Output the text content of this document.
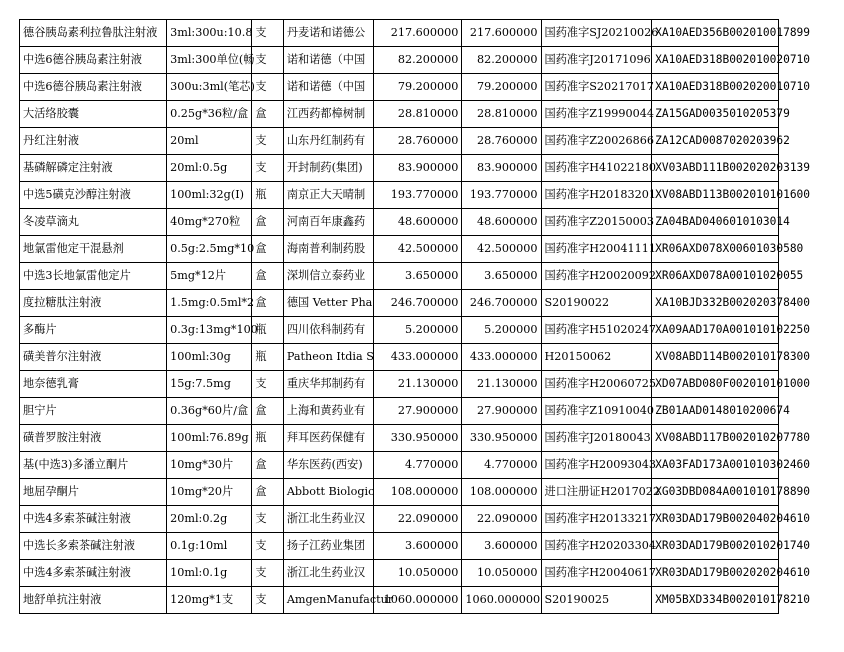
德谷胰岛素利拉鲁肽注射液	3ml:300u:10.8	支	丹麦诺和诺德公	217.600000	217.600000	国药准字SJ20210026	XA10AED356B002010017899
中选6德谷胰岛素注射液	3ml:300单位(畅	支	诺和诺德（中国	82.200000	82.200000	国药准字J20171096	XA10AED318B002010020710
中选6德谷胰岛素注射液	300u:3ml(笔芯)	支	诺和诺德（中国	79.200000	79.200000	国药准字S20217017	XA10AED318B002020010710
大活络胶囊	0.25g*36粒/盒	盒	江西药都樟树制	28.810000	28.810000	国药准字Z19990044	ZA15GAD0035010205379
丹红注射液	20ml	支	山东丹红制药有	28.760000	28.760000	国药准字Z20026866	ZA12CAD0087020203962
基磷解磷定注射液	20ml:0.5g	支	开封制药(集团)	83.900000	83.900000	国药准字H41022180	XV03ABD111B002020203139
中选5磺克沙醇注射液	100ml:32g(I)	瓶	南京正大天晴制	193.770000	193.770000	国药准字H20183201	XV08ABD113B002010101600
冬凌草滴丸	40mg*270粒	盒	河南百年康鑫药	48.600000	48.600000	国药准字Z20150003	ZA04BAD0406010103014
地氯雷他定干混悬剂	0.5g:2.5mg*10	盒	海南普利制药股	42.500000	42.500000	国药准字H20041111	XR06AXD078X00601030580
中选3长地氯雷他定片	5mg*12片	盒	深圳信立泰药业	3.650000	3.650000	国药准字H20020092	XR06AXD078A00101020055
度拉糖肽注射液	1.5mg:0.5ml*2	盒	德国 Vetter Pha	246.700000	246.700000	S20190022	XA10BJD332B002020378400
多酶片	0.3g:13mg*100	瓶	四川依科制药有	5.200000	5.200000	国药准字H51020247	XA09AAD170A001010102250
磺美普尔注射液	100ml:30g	瓶	Patheon Itdia S	433.000000	433.000000	H20150062	XV08ABD114B002010178300
地奈德乳膏	15g:7.5mg	支	重庆华邦制药有	21.130000	21.130000	国药准字H20060725	XD07ABD080F002010101000
胆宁片	0.36g*60片/盒	盒	上海和黄药业有	27.900000	27.900000	国药准字Z10910040	ZB01AAD0148010200674
磺普罗胺注射液	100ml:76.89g	瓶	拜耳医药保健有	330.950000	330.950000	国药准字J20180043	XV08ABD117B002010207780
基(中选3)多潘立酮片	10mg*30片	盒	华东医药(西安)	4.770000	4.770000	国药准字H20093043	XA03FAD173A001010302460
地屈孕酮片	10mg*20片	盒	Abbott Biologic	108.000000	108.000000	进口注册证H2017022	XG03DBD084A001010178890
中选4多索茶碱注射液	20ml:0.2g	支	浙江北生药业汉	22.090000	22.090000	国药准字H20133217	XR03DAD179B002040204610
中选长多索茶碱注射液	0.1g:10ml	支	扬子江药业集团	3.600000	3.600000	国药准字H20203304	XR03DAD179B002010201740
中选4多索茶碱注射液	10ml:0.1g	支	浙江北生药业汉	10.050000	10.050000	国药准字H20040617	XR03DAD179B002020204610
地舒单抗注射液	120mg*1支	支	AmgenManufactur	1060.000000	1060.000000	S20190025	XM05BXD334B002010178210
